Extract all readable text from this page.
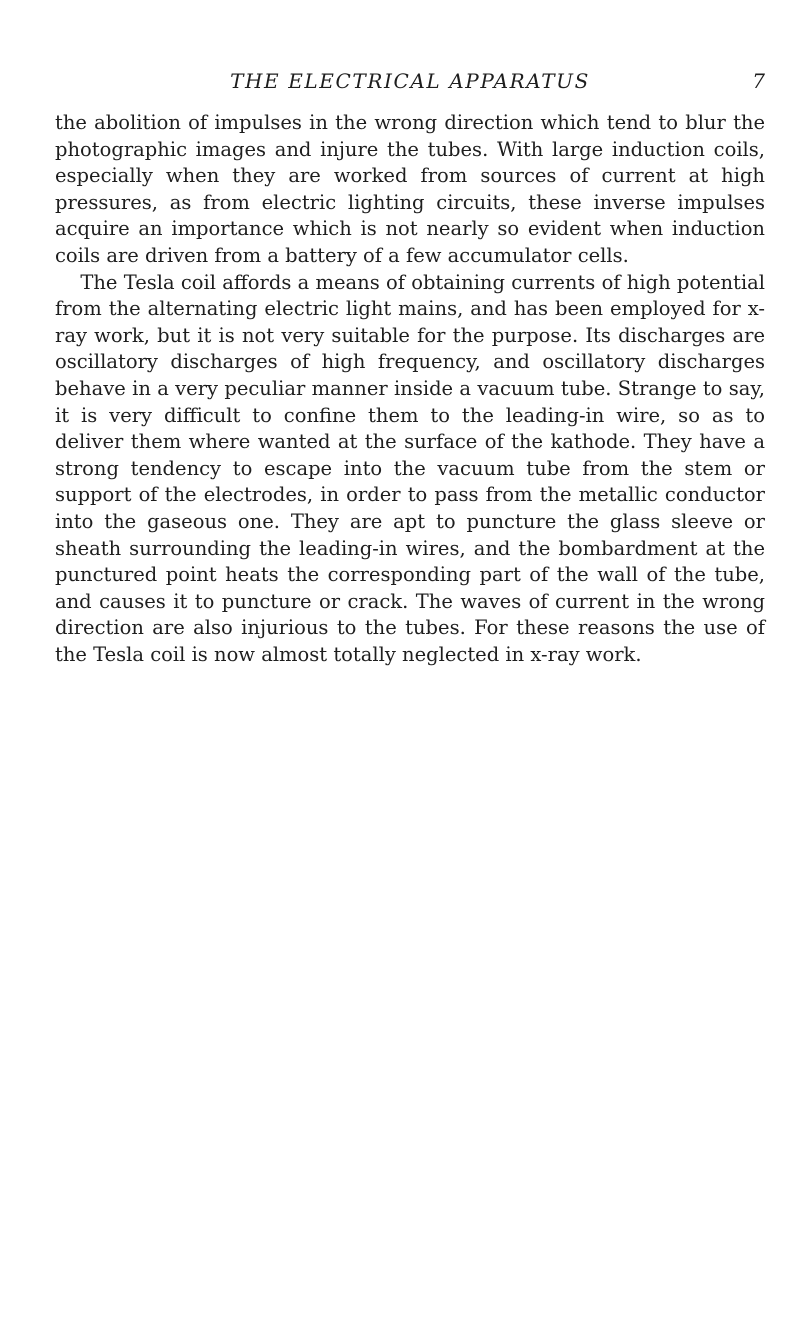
THE ELECTRICAL APPARATUS	7

the abolition of impulses in the wrong direction which tend to blur the photographic images and injure the tubes. With large induction coils, especially when they are worked from sources of current at high pressures, as from electric lighting circuits, these inverse impulses acquire an importance which is not nearly so evident when induction coils are driven from a battery of a few accumulator cells.

The Tesla coil affords a means of obtaining currents of high potential from the alternating electric light mains, and has been employed for x-ray work, but it is not very suitable for the purpose. Its discharges are oscillatory discharges of high frequency, and oscillatory discharges behave in a very peculiar manner inside a vacuum tube. Strange to say, it is very difficult to confine them to the leading-in wire, so as to deliver them where wanted at the surface of the kathode. They have a strong tendency to escape into the vacuum tube from the stem or support of the electrodes, in order to pass from the metallic conductor into the gaseous one. They are apt to puncture the glass sleeve or sheath surrounding the leading-in wires, and the bombardment at the punctured point heats the corresponding part of the wall of the tube, and causes it to puncture or crack. The waves of current in the wrong direction are also injurious to the tubes. For these reasons the use of the Tesla coil is now almost totally neglected in x-ray work.
